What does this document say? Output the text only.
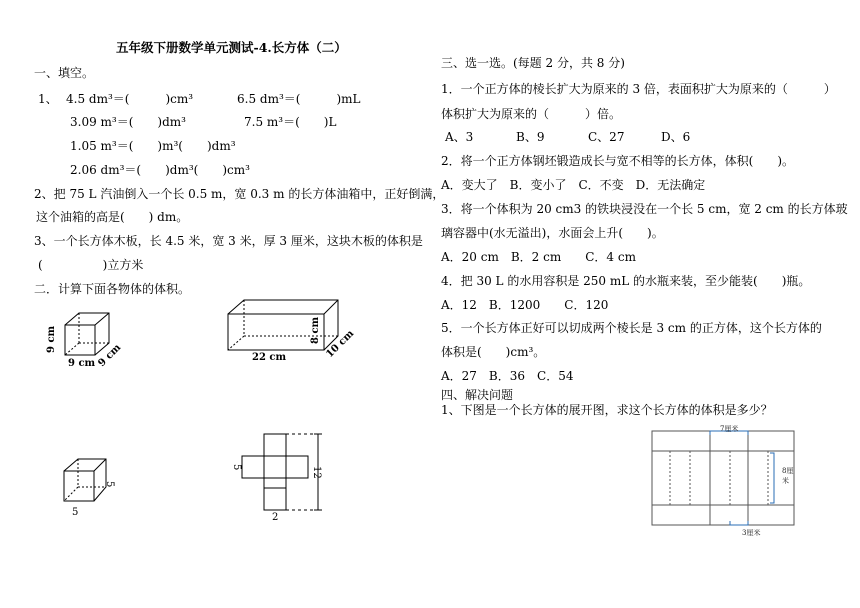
五年级下册数学单元测试-4.长方体（二）
一、填空。
1、 4.5 dm³＝(　　　)cm³	6.5 dm³＝(　　　)mL
3.09 m³＝(　　)dm³	7.5 m³＝(　　)L
1.05 m³＝(　　)m³(　　)dm³
2.06 dm³＝(　　)dm³(　　)cm³
2、把 75 L 汽油倒入一个长 0.5 m，宽 0.3 m 的长方体油箱中，正好倒满，
这个油箱的高是(　　) dm。
3、一个长方体木板，长 4.5 米，宽 3 米，厚 3 厘米，这块木板的体积是
(　　　　　)立方米
二．计算下面各物体的体积。
9 cm
9 cm 9 cm	22 cm
8 cm 10 cm
5
5
5	12
2
三、选一选。(每题 2 分，共 8 分)
1．一个正方体的棱长扩大为原来的 3 倍，表面积扩大为原来的（　　　）
体积扩大为原来的（　　　）倍。
A、3	B、9	C、27	D、6
2．将一个正方体钢坯锻造成长与宽不相等的长方体，体积(　　)。
A．变大了　B．变小了　C．不变　D．无法确定
3．将一个体积为 20 cm3 的铁块浸没在一个长 5 cm，宽 2 cm 的长方体玻
璃容器中(水无溢出)，水面会上升(　　)。
A．20 cm　B．2 cm　　C．4 cm
4．把 30 L 的水用容积是 250 mL 的水瓶来装，至少能装(　　)瓶。
A．12　B．1200　　C．120
5．一个长方体正好可以切成两个棱长是 3 cm 的正方体，这个长方体的
体积是(　　)cm³。
A．27　B．36　C．54
四、解决问题
1、下图是一个长方体的展开图，求这个长方体的体积是多少？
7厘米
8厘
米
3厘米
